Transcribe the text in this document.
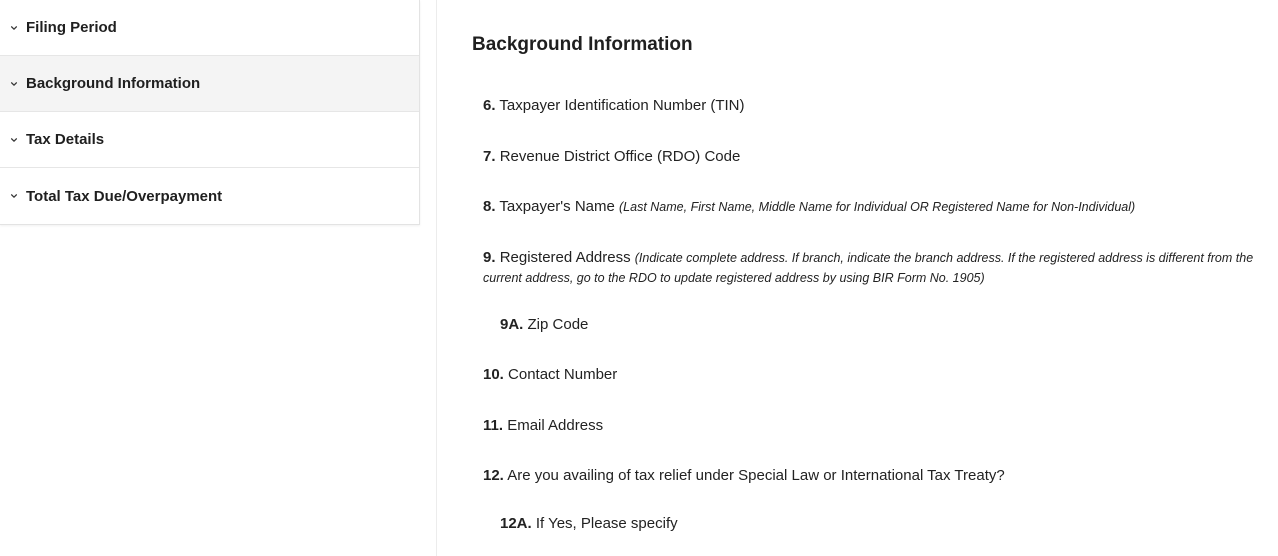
Filing Period
Background Information
Tax Details
Total Tax Due/Overpayment
Background Information
6. Taxpayer Identification Number (TIN)
7. Revenue District Office (RDO) Code
8. Taxpayer's Name (Last Name, First Name, Middle Name for Individual OR Registered Name for Non-Individual)
9. Registered Address (Indicate complete address. If branch, indicate the branch address. If the registered address is different from the current address, go to the RDO to update registered address by using BIR Form No. 1905)
9A. Zip Code
10. Contact Number
11. Email Address
12. Are you availing of tax relief under Special Law or International Tax Treaty?
12A. If Yes, Please specify
